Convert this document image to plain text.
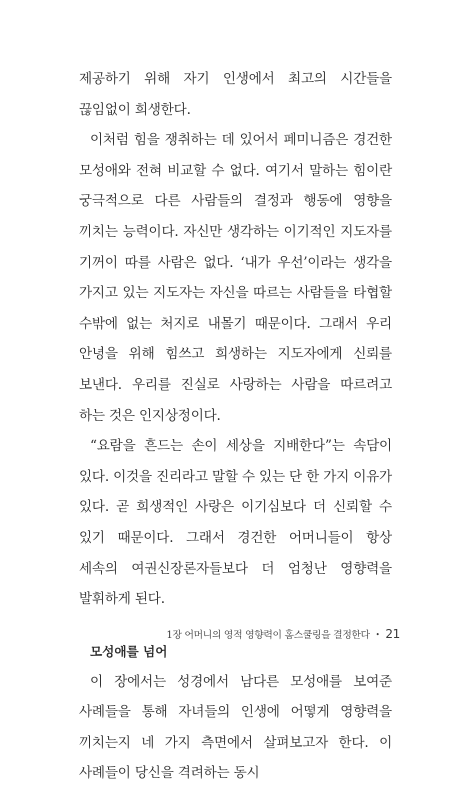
제공하기 위해 자기 인생에서 최고의 시간들을 끊임없이 희생한다.

이처럼 힘을 쟁취하는 데 있어서 페미니즘은 경건한 모성애와 전혀 비교할 수 없다. 여기서 말하는 힘이란 궁극적으로 다른 사람들의 결정과 행동에 영향을 끼치는 능력이다. 자신만 생각하는 이기적인 지도자를 기꺼이 따를 사람은 없다. ‘내가 우선’이라는 생각을 가지고 있는 지도자는 자신을 따르는 사람들을 타협할 수밖에 없는 처지로 내몰기 때문이다. 그래서 우리 안녕을 위해 힘쓰고 희생하는 지도자에게 신뢰를 보낸다. 우리를 진실로 사랑하는 사람을 따르려고 하는 것은 인지상정이다.

“요람을 흔드는 손이 세상을 지배한다”는 속담이 있다. 이것을 진리라고 말할 수 있는 단 한 가지 이유가 있다. 곧 희생적인 사랑은 이기심보다 더 신뢰할 수 있기 때문이다. 그래서 경건한 어머니들이 항상 세속의 여권신장론자들보다 더 엄청난 영향력을 발휘하게 된다.

모성애를 넘어

이 장에서는 성경에서 남다른 모성애를 보여준 사례들을 통해 자녀들의 인생에 어떻게 영향력을 끼치는지 네 가지 측면에서 살펴보고자 한다. 이 사례들이 당신을 격려하는 동시

1장 어머니의 영적 영향력이 홈스쿨링을 결정한다 • 21
